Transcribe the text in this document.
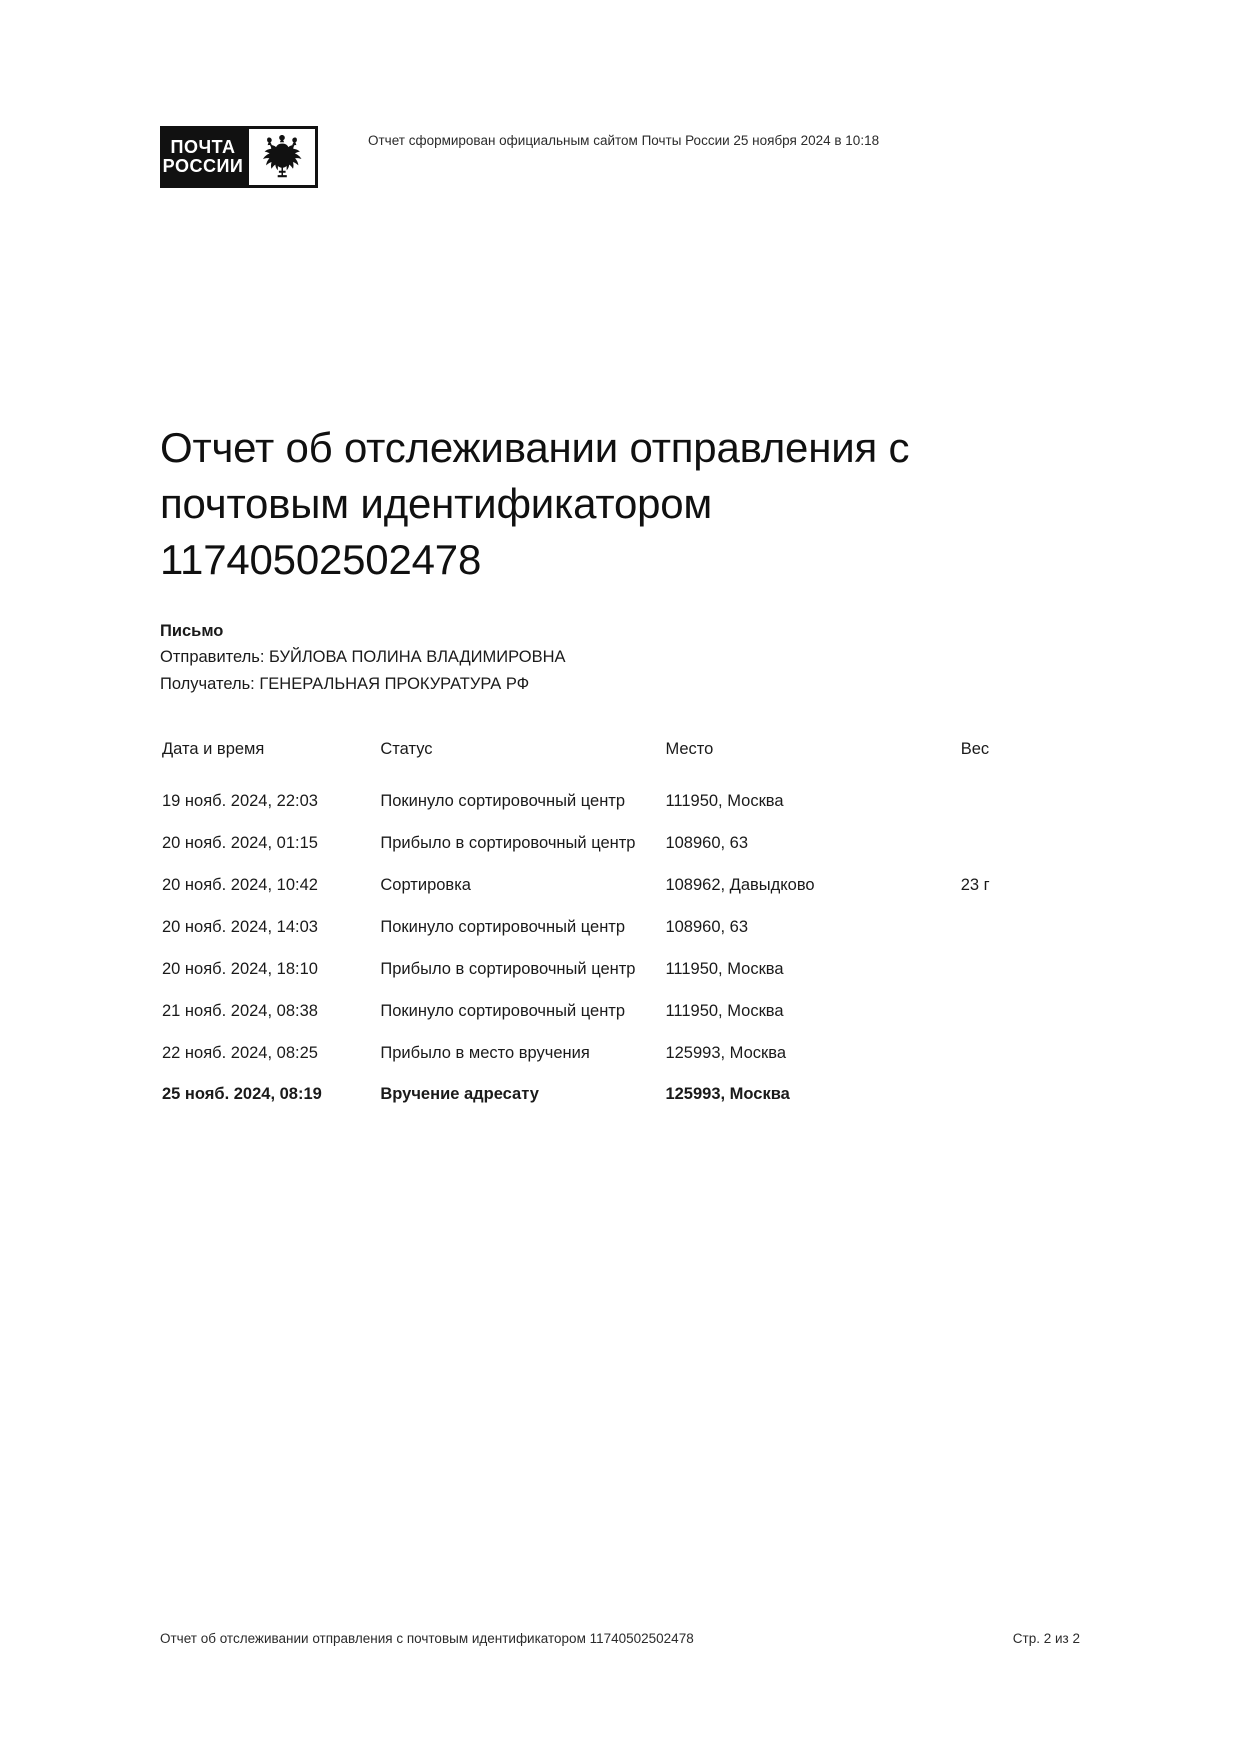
ПОЧТА
РОССИИ
Отчет сформирован официальным сайтом Почты России 25 ноября 2024 в 10:18
Отчет об отслеживании отправления с почтовым идентификатором 11740502502478
Письмо
Отправитель: БУЙЛОВА ПОЛИНА ВЛАДИМИРОВНА
Получатель: ГЕНЕРАЛЬНАЯ ПРОКУРАТУРА РФ
Дата и время	Статус	Место	Вес
19 нояб. 2024, 22:03	Покинуло сортировочный центр	111950, Москва	
20 нояб. 2024, 01:15	Прибыло в сортировочный центр	108960, 63	
20 нояб. 2024, 10:42	Сортировка	108962, Давыдково	23 г
20 нояб. 2024, 14:03	Покинуло сортировочный центр	108960, 63	
20 нояб. 2024, 18:10	Прибыло в сортировочный центр	111950, Москва	
21 нояб. 2024, 08:38	Покинуло сортировочный центр	111950, Москва	
22 нояб. 2024, 08:25	Прибыло в место вручения	125993, Москва	
25 нояб. 2024, 08:19	Вручение адресату	125993, Москва	
Отчет об отслеживании отправления с почтовым идентификатором 11740502502478	Стр. 2 из 2
